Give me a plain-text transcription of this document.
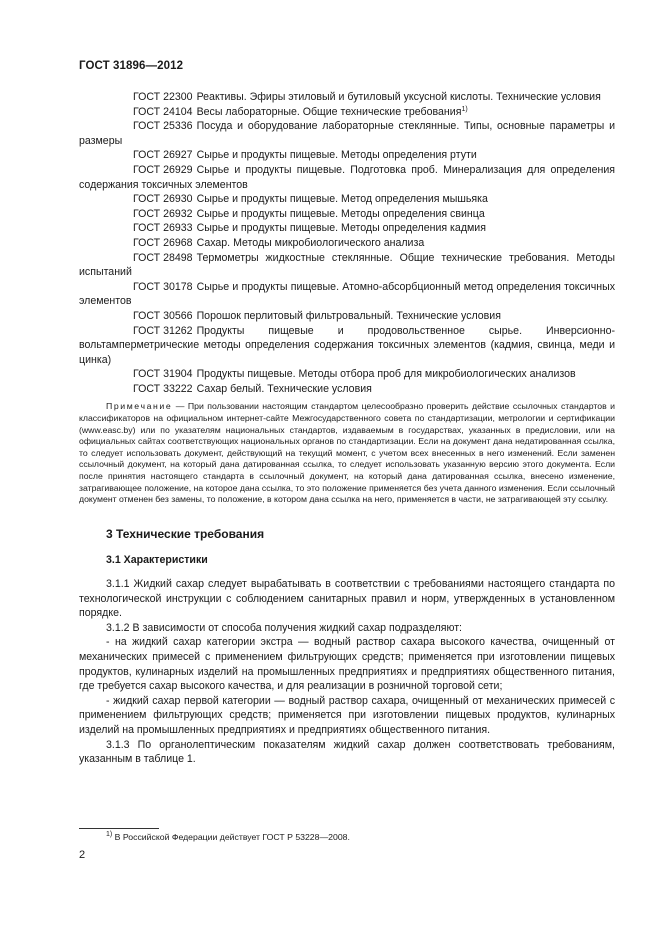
ГОСТ 31896—2012

ГОСТ 22300 Реактивы. Эфиры этиловый и бутиловый уксусной кислоты. Технические условия

ГОСТ 24104 Весы лабораторные. Общие технические требования$^{1)}$

ГОСТ 25336 Посуда и оборудование лабораторные стеклянные. Типы, основные параметры и размеры

ГОСТ 26927 Сырье и продукты пищевые. Методы определения ртути

ГОСТ 26929 Сырье и продукты пищевые. Подготовка проб. Минерализация для определения содержания токсичных элементов

ГОСТ 26930 Сырье и продукты пищевые. Метод определения мышьяка

ГОСТ 26932 Сырье и продукты пищевые. Методы определения свинца

ГОСТ 26933 Сырье и продукты пищевые. Методы определения кадмия

ГОСТ 26968 Сахар. Методы микробиологического анализа

ГОСТ 28498 Термометры жидкостные стеклянные. Общие технические требования. Методы испытаний

ГОСТ 30178 Сырье и продукты пищевые. Атомно-абсорбционный метод определения токсичных элементов

ГОСТ 30566 Порошок перлитовый фильтровальный. Технические условия

ГОСТ 31262 Продукты пищевые и продовольственное сырье. Инверсионно-вольтамперметрические методы определения содержания токсичных элементов (кадмия, свинца, меди и цинка)

ГОСТ 31904 Продукты пищевые. Методы отбора проб для микробиологических анализов

ГОСТ 33222 Сахар белый. Технические условия

Примечание — При пользовании настоящим стандартом целесообразно проверить действие ссылочных стандартов и классификаторов на официальном интернет-сайте Межгосударственного совета по стандартизации, метрологии и сертификации (www.easc.by) или по указателям национальных стандартов, издаваемым в государствах, указанных в предисловии, или на официальных сайтах соответствующих национальных органов по стандартизации. Если на документ дана недатированная ссылка, то следует использовать документ, действующий на текущий момент, с учетом всех внесенных в него изменений. Если заменен ссылочный документ, на который дана датированная ссылка, то следует использовать указанную версию этого документа. Если после принятия настоящего стандарта в ссылочный документ, на который дана датированная ссылка, внесено изменение, затрагивающее положение, на которое дана ссылка, то это положение применяется без учета данного изменения. Если ссылочный документ отменен без замены, то положение, в котором дана ссылка на него, применяется в части, не затрагивающей эту ссылку.
3 Технические требования
3.1 Характеристики

3.1.1 Жидкий сахар следует вырабатывать в соответствии с требованиями настоящего стандарта по технологической инструкции с соблюдением санитарных правил и норм, утвержденных в установленном порядке.

3.1.2 В зависимости от способа получения жидкий сахар подразделяют:

- на жидкий сахар категории экстра — водный раствор сахара высокого качества, очищенный от механических примесей с применением фильтрующих средств; применяется при изготовлении пищевых продуктов, кулинарных изделий на промышленных предприятиях и предприятиях общественного питания, где требуется сахар высокого качества, и для реализации в розничной торговой сети;

- жидкий сахар первой категории — водный раствор сахара, очищенный от механических примесей с применением фильтрующих средств; применяется при изготовлении пищевых продуктов, кулинарных изделий на промышленных предприятиях и предприятиях общественного питания.

3.1.3 По органолептическим показателям жидкий сахар должен соответствовать требованиям, указанным в таблице 1.

$^{1)}$ В Российской Федерации действует ГОСТ Р 53228—2008.
2
